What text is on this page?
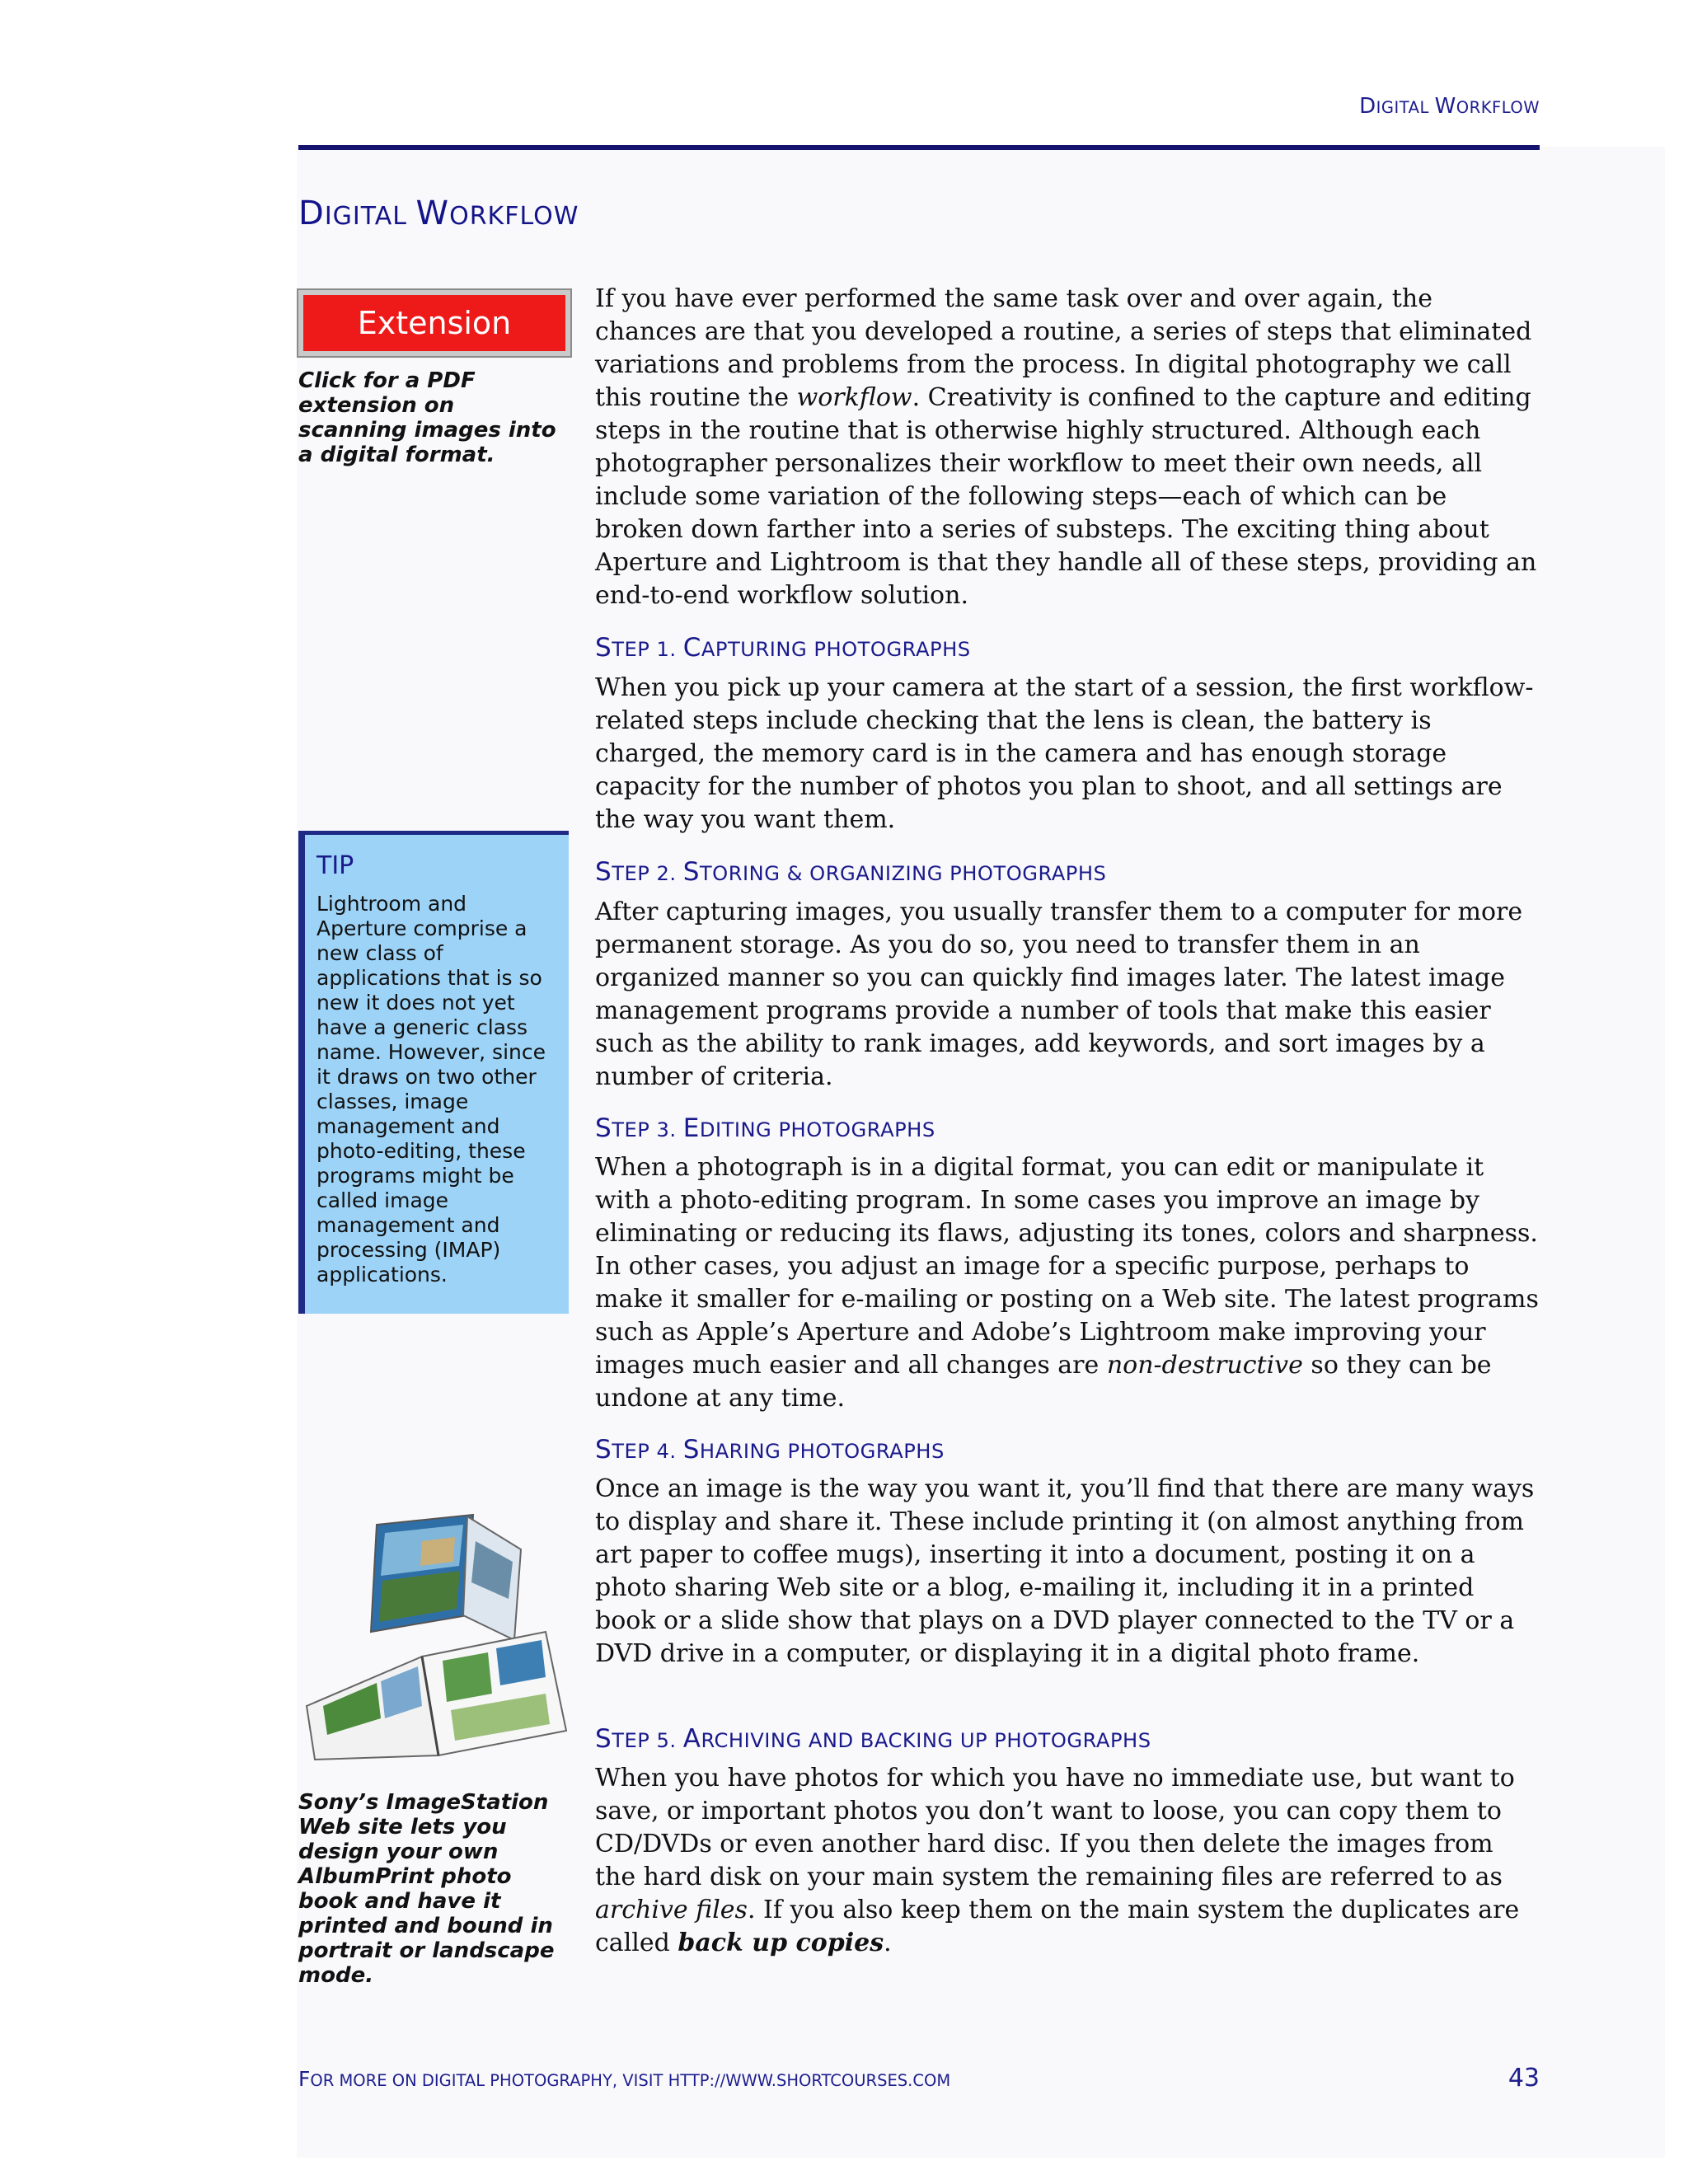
DIGITAL WORKFLOW
DIGITAL WORKFLOW
Extension
Click for a PDF extension on scanning images into a digital format.
TIP

Lightroom and Aperture comprise a new class of applications that is so new it does not yet have a generic class name. However, since it draws on two other classes, image management and photo-editing, these programs might be called image management and processing (IMAP) applications.

Sony’s ImageStation Web site lets you design your own AlbumPrint photo book and have it printed and bound in portrait or landscape mode.

If you have ever performed the same task over and over again, the chances are that you developed a routine, a series of steps that eliminated variations and problems from the process. In digital photography we call this routine the workflow. Creativity is confined to the capture and editing steps in the routine that is otherwise highly structured. Although each photographer personalizes their workflow to meet their own needs, all include some variation of the following steps—each of which can be broken down farther into a series of substeps. The exciting thing about Aperture and Lightroom is that they handle all of these steps, providing an end-to-end workflow solution.

STEP 1. CAPTURING PHOTOGRAPHS

When you pick up your camera at the start of a session, the first workflow-related steps include checking that the lens is clean, the battery is charged, the memory card is in the camera and has enough storage capacity for the number of photos you plan to shoot, and all settings are the way you want them.

STEP 2. STORING & ORGANIZING PHOTOGRAPHS

After capturing images, you usually transfer them to a computer for more permanent storage. As you do so, you need to transfer them in an organized manner so you can quickly find images later. The latest image management programs provide a number of tools that make this easier such as the ability to rank images, add keywords, and sort images by a number of criteria.

STEP 3. EDITING PHOTOGRAPHS

When a photograph is in a digital format, you can edit or manipulate it with a photo-editing program. In some cases you improve an image by eliminating or reducing its flaws, adjusting its tones, colors and sharpness. In other cases, you adjust an image for a specific purpose, perhaps to make it smaller for e-mailing or posting on a Web site. The latest programs such as Apple’s Aperture and Adobe’s Lightroom make improving your images much easier and all changes are non-destructive so they can be undone at any time.

STEP 4. SHARING PHOTOGRAPHS

Once an image is the way you want it, you’ll find that there are many ways to display and share it. These include printing it (on almost anything from art paper to coffee mugs), inserting it into a document, posting it on a photo sharing Web site or a blog, e-mailing it, including it in a printed book or a slide show that plays on a DVD player connected to the TV or a DVD drive in a computer, or displaying it in a digital photo frame.

STEP 5. ARCHIVING AND BACKING UP PHOTOGRAPHS

When you have photos for which you have no immediate use, but want to save, or important photos you don’t want to loose, you can copy them to CD/DVDs or even another hard disc. If you then delete the images from the hard disk on your main system the remaining files are referred to as archive files. If you also keep them on the main system the duplicates are called back up copies.

FOR MORE ON DIGITAL PHOTOGRAPHY, VISIT HTTP://WWW.SHORTCOURSES.COM	43
